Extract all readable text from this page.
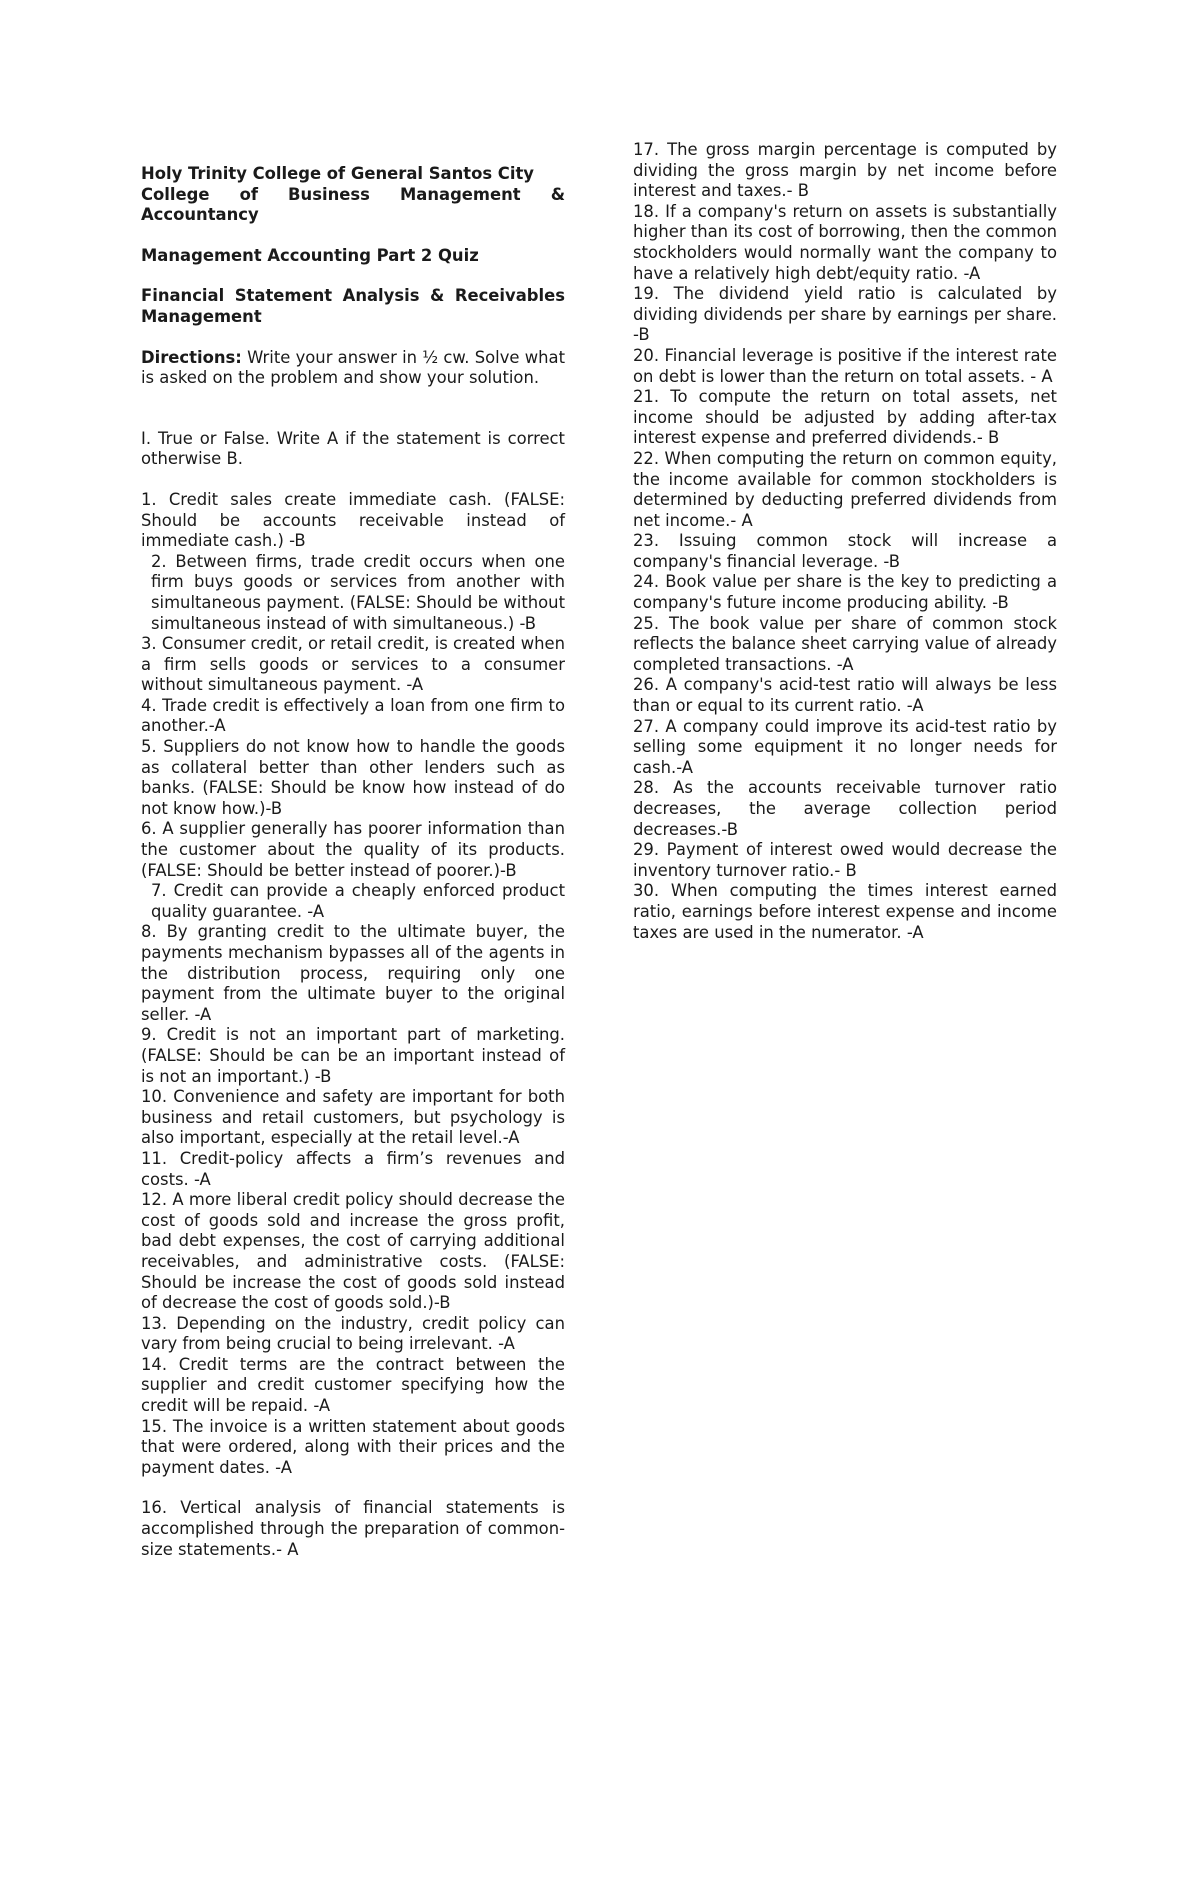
Holy Trinity College of General Santos City

College of Business Management & Accountancy

Management Accounting Part 2 Quiz

Financial Statement Analysis & Receivables Management

Directions: Write your answer in ½ cw. Solve what is asked on the problem and show your solution.

I. True or False. Write A if the statement is correct otherwise B.

1. Credit sales create immediate cash. (FALSE: Should be accounts receivable instead of immediate cash.) -B

2. Between firms, trade credit occurs when one firm buys goods or services from another with simultaneous payment. (FALSE: Should be without simultaneous instead of with simultaneous.) -B

3. Consumer credit, or retail credit, is created when a firm sells goods or services to a consumer without simultaneous payment. -A

4. Trade credit is effectively a loan from one firm to another.-A

5. Suppliers do not know how to handle the goods as collateral better than other lenders such as banks. (FALSE: Should be know how instead of do not know how.)-B

6. A supplier generally has poorer information than the customer about the quality of its products. (FALSE: Should be better instead of poorer.)-B

7. Credit can provide a cheaply enforced product quality guarantee. -A

8. By granting credit to the ultimate buyer, the payments mechanism bypasses all of the agents in the distribution process, requiring only one payment from the ultimate buyer to the original seller. -A

9. Credit is not an important part of marketing. (FALSE: Should be can be an important instead of is not an important.) -B

10. Convenience and safety are important for both business and retail customers, but psychology is also important, especially at the retail level.-A

11. Credit-policy affects a firm’s revenues and costs. -A

12. A more liberal credit policy should decrease the cost of goods sold and increase the gross profit, bad debt expenses, the cost of carrying additional receivables, and administrative costs. (FALSE: Should be increase the cost of goods sold instead of decrease the cost of goods sold.)-B

13. Depending on the industry, credit policy can vary from being crucial to being irrelevant. -A

14. Credit terms are the contract between the supplier and credit customer specifying how the credit will be repaid. -A

15. The invoice is a written statement about goods that were ordered, along with their prices and the payment dates. -A

16. Vertical analysis of financial statements is accomplished through the preparation of common-size statements.- A

17. The gross margin percentage is computed by dividing the gross margin by net income before interest and taxes.- B

18. If a company's return on assets is substantially higher than its cost of borrowing, then the common stockholders would normally want the company to have a relatively high debt/equity ratio. -A

19. The dividend yield ratio is calculated by dividing dividends per share by earnings per share. -B

20. Financial leverage is positive if the interest rate on debt is lower than the return on total assets. - A

21. To compute the return on total assets, net income should be adjusted by adding after-tax interest expense and preferred dividends.- B

22. When computing the return on common equity, the income available for common stockholders is determined by deducting preferred dividends from net income.- A

23. Issuing common stock will increase a company's financial leverage. -B

24. Book value per share is the key to predicting a company's future income producing ability. -B

25. The book value per share of common stock reflects the balance sheet carrying value of already completed transactions. -A

26. A company's acid-test ratio will always be less than or equal to its current ratio. -A

27. A company could improve its acid-test ratio by selling some equipment it no longer needs for cash.-A

28. As the accounts receivable turnover ratio decreases, the average collection period decreases.-B

29. Payment of interest owed would decrease the inventory turnover ratio.- B

30. When computing the times interest earned ratio, earnings before interest expense and income taxes are used in the numerator. -A
